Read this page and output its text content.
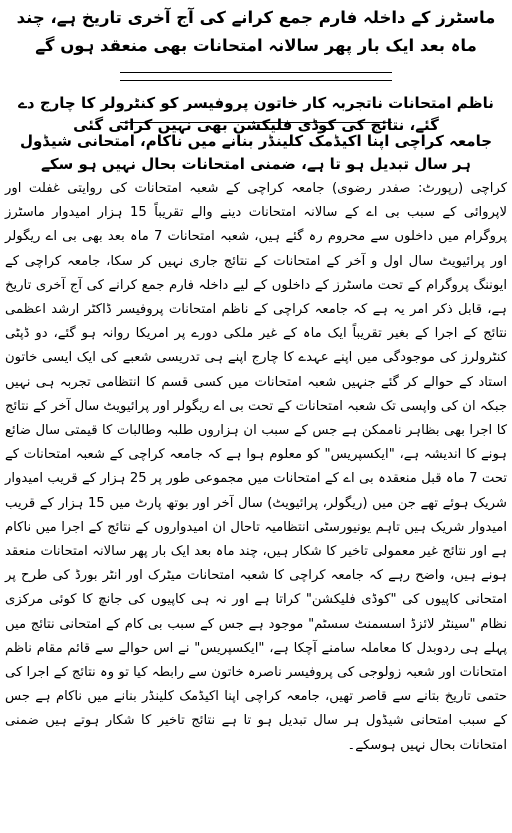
ماسٹرز کے داخلہ فارم جمع کرانے کی آج آخری تاریخ ہے، چند ماہ بعد ایک بار پھر سالانہ امتحانات بھی منعقد ہوں گے
ناظم امتحانات ناتجربہ کار خاتون پروفیسر کو کنٹرولر کا چارج دے گئے، نتائج کی کوڈی فلیکشن بھی نہیں کرائی گئی
جامعہ کراچی اپنا اکیڈمک کلینڈر بنانے میں ناکام، امتحانی شیڈول ہر سال تبدیل ہو تا ہے، ضمنی امتحانات بحال نہیں ہو سکے
کراچی (رپورٹ: صفدر رضوی) جامعہ کراچی کے شعبہ امتحانات کی روایتی غفلت اور لاپروائی کے سبب بی اے کے سالانہ امتحانات دینے والے تقریباً 15 ہزار امیدوار ماسٹرز پروگرام میں داخلوں سے محروم رہ گئے ہیں، شعبہ امتحانات 7 ماہ بعد بھی بی اے ریگولر اور پرائیویٹ سال اول و آخر کے امتحانات کے نتائج جاری نہیں کر سکا، جامعہ کراچی کے ایوننگ پروگرام کے تحت ماسٹرز کے داخلوں کے لیے داخلہ فارم جمع کرانے کی آج آخری تاریخ ہے، قابل ذکر امر یہ ہے کہ جامعہ کراچی کے ناظم امتحانات پروفیسر ڈاکٹر ارشد اعظمی نتائج کے اجرا کے بغیر تقریباً ایک ماہ کے غیر ملکی دورے پر امریکا روانہ ہو گئے، دو ڈپٹی کنٹرولرز کی موجودگی میں اپنے عہدے کا چارج اپنے ہی تدریسی شعبے کی ایک ایسی خاتون استاد کے حوالے کر گئے جنہیں شعبہ امتحانات میں کسی قسم کا انتظامی تجربہ ہی نہیں جبکہ ان کی واپسی تک شعبہ امتحانات کے تحت بی اے ریگولر اور پرائیویٹ سال آخر کے نتائج کا اجرا بھی بظاہر ناممکن ہے جس کے سبب ان ہزاروں طلبہ وطالبات کا قیمتی سال ضائع ہونے کا اندیشہ ہے، "ایکسپریس" کو معلوم ہوا ہے کہ جامعہ کراچی کے شعبہ امتحانات کے تحت 7 ماہ قبل منعقدہ بی اے کے امتحانات میں مجموعی طور پر 25 ہزار کے قریب امیدوار شریک ہوئے تھے جن میں (ریگولر، پرائیویٹ) سال آخر اور بوتھ پارٹ میں 15 ہزار کے قریب امیدوار شریک ہیں تاہم یونیورسٹی انتظامیہ تاحال ان امیدواروں کے نتائج کے اجرا میں ناکام ہے اور نتائج غیر معمولی تاخیر کا شکار ہیں، چند ماہ بعد ایک بار پھر سالانہ امتحانات منعقد ہونے ہیں، واضح رہے کہ جامعہ کراچی کا شعبہ امتحانات میٹرک اور انٹر بورڈ کی طرح پر امتحانی کاپیوں کی "کوڈی فلیکشن" کراتا ہے اور نہ ہی کاپیوں کی جانچ کا کوئی مرکزی نظام "سینٹر لائزڈ اسسمنٹ سسٹم" موجود ہے جس کے سبب بی کام کے امتحانی نتائج میں پہلے ہی ردوبدل کا معاملہ سامنے آچکا ہے، "ایکسپریس" نے اس حوالے سے قائم مقام ناظم امتحانات اور شعبہ زولوجی کی پروفیسر ناصرہ خاتون سے رابطہ کیا تو وہ نتائج کے اجرا کی حتمی تاریخ بتانے سے قاصر تھیں، جامعہ کراچی اپنا اکیڈمک کلینڈر بنانے میں ناکام ہے جس کے سبب امتحانی شیڈول ہر سال تبدیل ہو تا ہے نتائج تاخیر کا شکار ہوتے ہیں ضمنی امتحانات بحال نہیں ہوسکے۔
